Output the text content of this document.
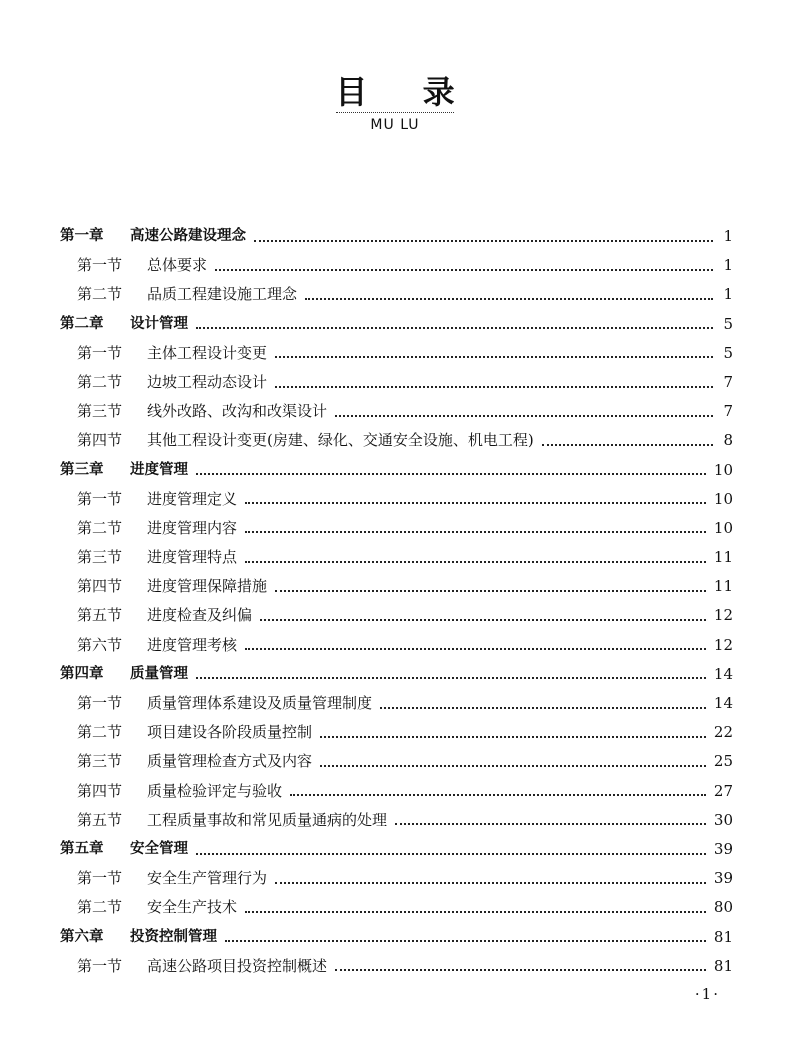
目 录
MU LU
第一章	高速公路建设理念	1
第一节	总体要求	1
第二节	品质工程建设施工理念	1
第二章	设计管理	5
第一节	主体工程设计变更	5
第二节	边坡工程动态设计	7
第三节	线外改路、改沟和改渠设计	7
第四节	其他工程设计变更(房建、绿化、交通安全设施、机电工程)	8
第三章	进度管理	10
第一节	进度管理定义	10
第二节	进度管理内容	10
第三节	进度管理特点	11
第四节	进度管理保障措施	11
第五节	进度检查及纠偏	12
第六节	进度管理考核	12
第四章	质量管理	14
第一节	质量管理体系建设及质量管理制度	14
第二节	项目建设各阶段质量控制	22
第三节	质量管理检查方式及内容	25
第四节	质量检验评定与验收	27
第五节	工程质量事故和常见质量通病的处理	30
第五章	安全管理	39
第一节	安全生产管理行为	39
第二节	安全生产技术	80
第六章	投资控制管理	81
第一节	高速公路项目投资控制概述	81
·1·
